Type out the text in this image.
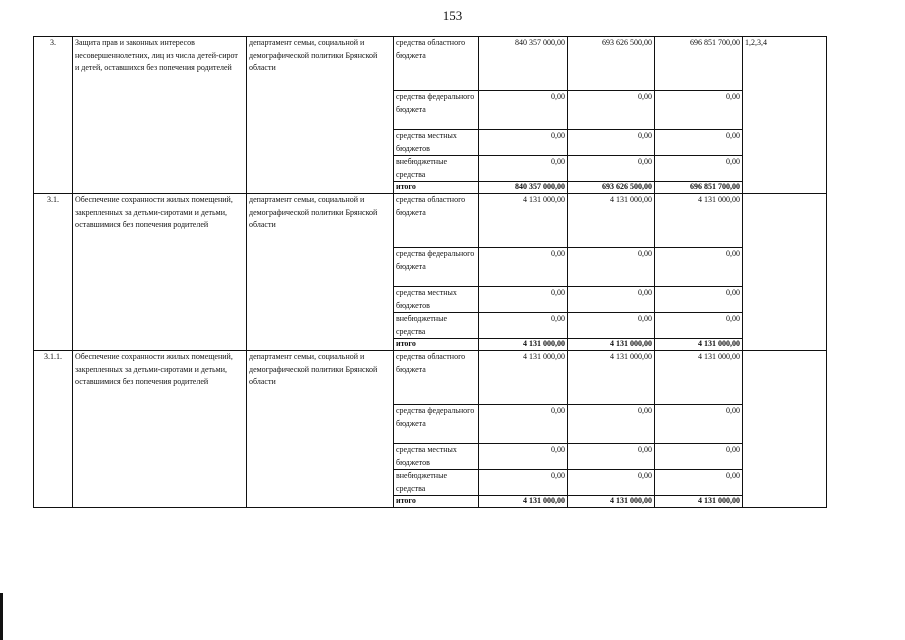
153
3.	Защита прав и законных интересов несовершеннолетних, лиц из числа детей-сирот и детей, оставшихся без попечения родителей	департамент семьи, социальной и демографической политики Брянской области	средства областного бюджета	840 357 000,00	693 626 500,00	696 851 700,00	1,2,3,4
			средства федерального бюджета	0,00	0,00	0,00	
			средства местных бюджетов	0,00	0,00	0,00	
			внебюджетные средства	0,00	0,00	0,00	
			итого	840 357 000,00	693 626 500,00	696 851 700,00	
3.1.	Обеспечение сохранности жилых помещений, закрепленных за детьми-сиротами и детьми, оставшимися без попечения родителей	департамент семьи, социальной и демографической политики Брянской области	средства областного бюджета	4 131 000,00	4 131 000,00	4 131 000,00	
			средства федерального бюджета	0,00	0,00	0,00	
			средства местных бюджетов	0,00	0,00	0,00	
			внебюджетные средства	0,00	0,00	0,00	
			итого	4 131 000,00	4 131 000,00	4 131 000,00	
3.1.1.	Обеспечение сохранности жилых помещений, закрепленных за детьми-сиротами и детьми, оставшимися без попечения родителей	департамент семьи, социальной и демографической политики Брянской области	средства областного бюджета	4 131 000,00	4 131 000,00	4 131 000,00	
			средства федерального бюджета	0,00	0,00	0,00	
			средства местных бюджетов	0,00	0,00	0,00	
			внебюджетные средства	0,00	0,00	0,00	
			итого	4 131 000,00	4 131 000,00	4 131 000,00	
